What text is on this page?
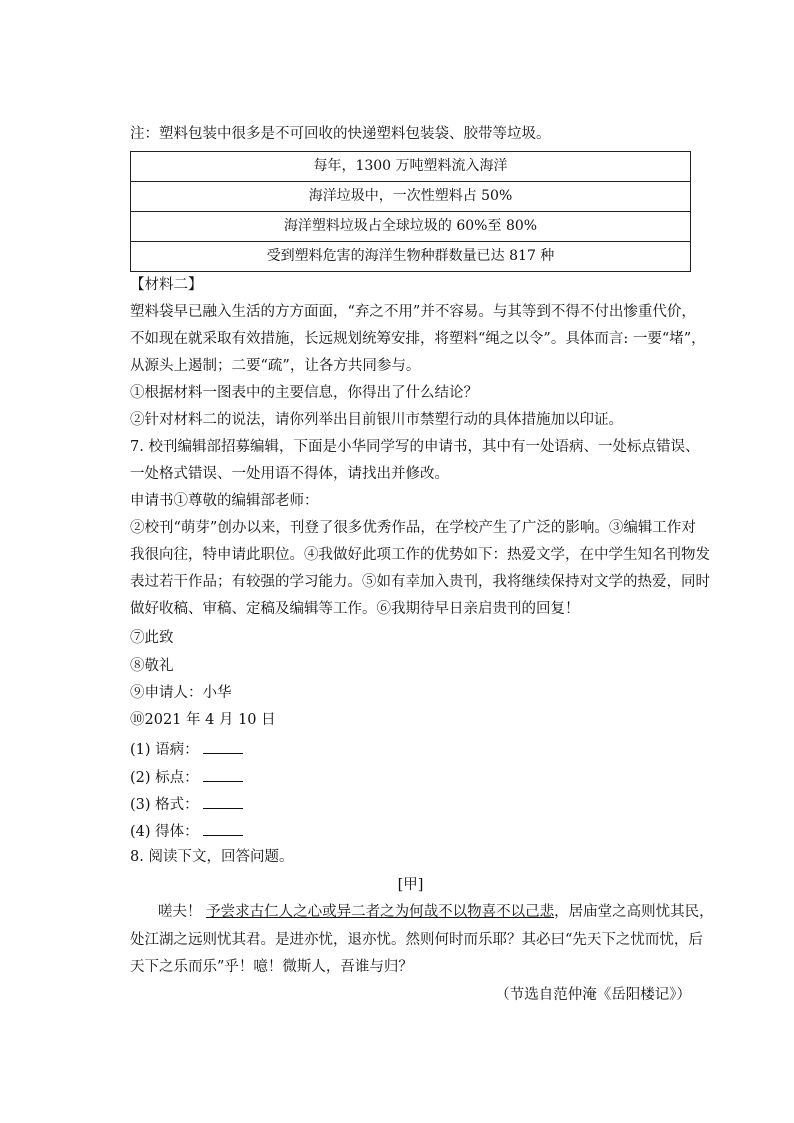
注：塑料包装中很多是不可回收的快递塑料包装袋、胶带等垃圾。
每年，1300 万吨塑料流入海洋
海洋垃圾中，一次性塑料占 50%
海洋塑料垃圾占全球垃圾的 60%至 80%
受到塑料危害的海洋生物种群数量已达 817 种
【材料二】
塑料袋早已融入生活的方方面面，“弃之不用”并不容易。与其等到不得不付出惨重代价，
不如现在就采取有效措施，长远规划统筹安排，将塑料“绳之以令”。具体而言: 一要“堵”，
从源头上遏制；二要“疏”，让各方共同参与。
①根据材料一图表中的主要信息，你得出了什么结论？
②针对材料二的说法，请你列举出目前银川市禁塑行动的具体措施加以印证。
7. 校刊编辑部招募编辑，下面是小华同学写的申请书，其中有一处语病、一处标点错误、
一处格式错误、一处用语不得体，请找出并修改。
申请书①尊敬的编辑部老师：
②校刊“萌芽”创办以来，刊登了很多优秀作品，在学校产生了广泛的影响。③编辑工作对
我很向往，特申请此职位。④我做好此项工作的优势如下：热爱文学，在中学生知名刊物发
表过若干作品；有较强的学习能力。⑤如有幸加入贵刊，我将继续保持对文学的热爱，同时
做好收稿、审稿、定稿及编辑等工作。⑥我期待早日亲启贵刊的回复！
⑦此致
⑧敬礼
⑨申请人：小华
⑩2021 年 4 月 10 日
(1) 语病：
(2) 标点：
(3) 格式：
(4) 得体：
8. 阅读下文，回答问题。
[甲]
嗟夫！ 予尝求古仁人之心或异二者之为何哉不以物喜不以己悲，居庙堂之高则忧其民，
处江湖之远则忧其君。是进亦忧，退亦忧。然则何时而乐耶？其必曰“先天下之忧而忧，后
天下之乐而乐”乎！噫！微斯人，吾谁与归？
（节选自范仲淹《岳阳楼记》）
